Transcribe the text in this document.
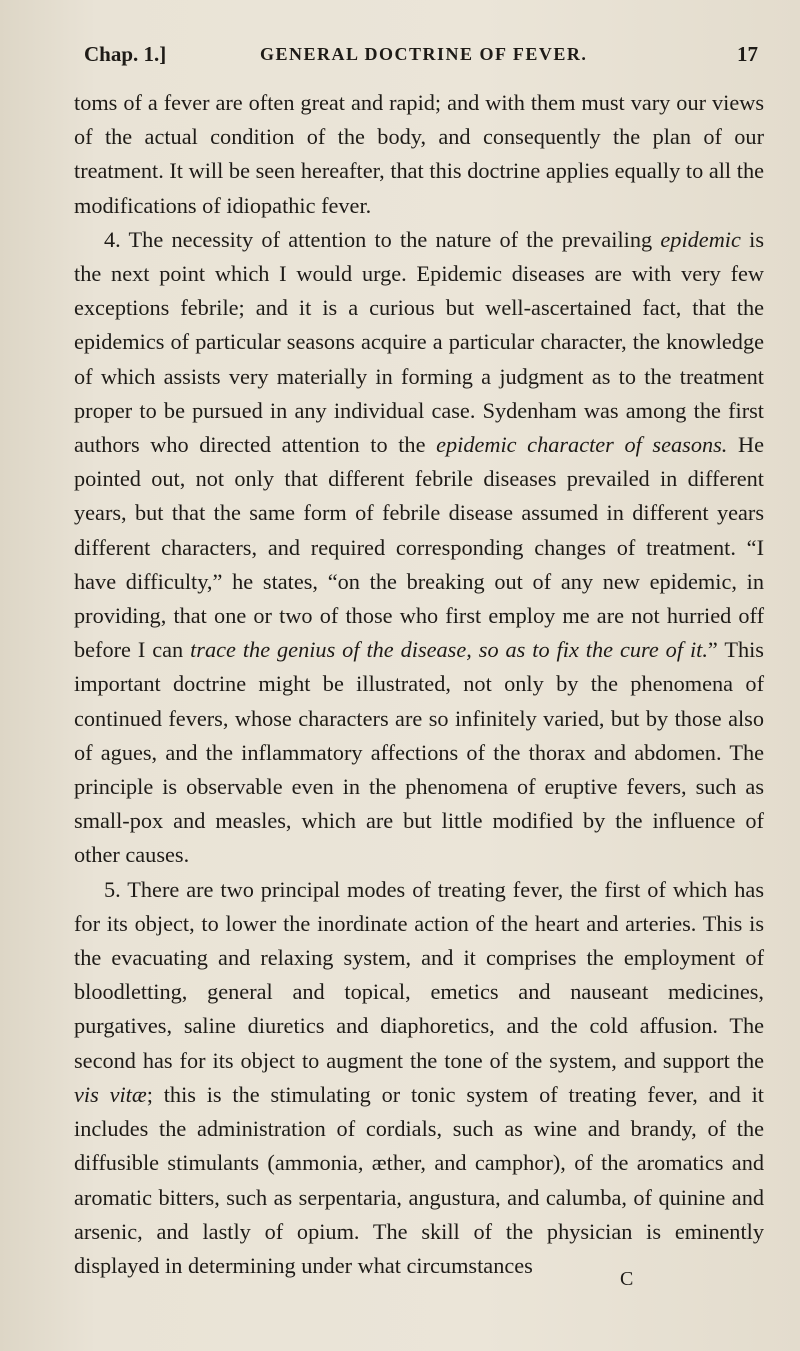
Chap. 1.]	GENERAL DOCTRINE OF FEVER.	17

toms of a fever are often great and rapid; and with them must vary our views of the actual condition of the body, and consequently the plan of our treatment. It will be seen hereafter, that this doctrine applies equally to all the modifications of idiopathic fever.

4. The necessity of attention to the nature of the prevailing epidemic is the next point which I would urge. Epidemic diseases are with very few exceptions febrile; and it is a curious but well-ascertained fact, that the epidemics of particular seasons acquire a particular character, the knowledge of which assists very materially in forming a judgment as to the treatment proper to be pursued in any individual case. Sydenham was among the first authors who directed attention to the epidemic character of seasons. He pointed out, not only that different febrile diseases prevailed in different years, but that the same form of febrile disease assumed in different years different characters, and required corresponding changes of treatment. “I have difficulty,” he states, “on the breaking out of any new epidemic, in providing, that one or two of those who first employ me are not hurried off before I can trace the genius of the disease, so as to fix the cure of it.” This important doctrine might be illustrated, not only by the phenomena of continued fevers, whose characters are so infinitely varied, but by those also of agues, and the inflammatory affections of the thorax and abdomen. The principle is observable even in the phenomena of eruptive fevers, such as small-pox and measles, which are but little modified by the influence of other causes.

5. There are two principal modes of treating fever, the first of which has for its object, to lower the inordinate action of the heart and arteries. This is the evacuating and relaxing system, and it comprises the employment of bloodletting, general and topical, emetics and nauseant medicines, purgatives, saline diuretics and diaphoretics, and the cold affusion. The second has for its object to augment the tone of the system, and support the vis vitæ; this is the stimulating or tonic system of treating fever, and it includes the administration of cordials, such as wine and brandy, of the diffusible stimulants (ammonia, æther, and camphor), of the aromatics and aromatic bitters, such as serpentaria, angustura, and calumba, of quinine and arsenic, and lastly of opium. The skill of the physician is eminently displayed in determining under what circumstances

C
